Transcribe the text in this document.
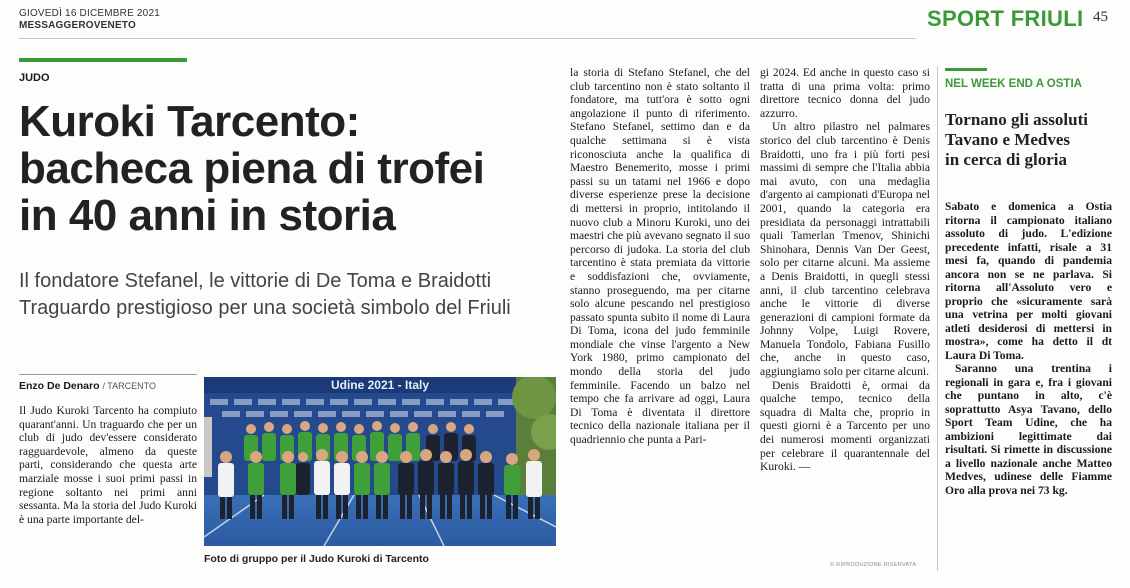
GIOVEDÌ 16 DICEMBRE 2021
MESSAGGEROVENETO	SPORT FRIULI 45
JUDO
Kuroki Tarcento:
bacheca piena di trofei
in 40 anni in storia
Il fondatore Stefanel, le vittorie di De Toma e Braidotti
Traguardo prestigioso per una società simbolo del Friuli
Enzo De Denaro / TARCENTO

Il Judo Kuroki Tarcento ha compiuto quarant'anni. Un traguardo che per un club di judo dev'essere considerato ragguardevole, almeno da queste parti, considerando che questa arte marziale mosse i suoi primi passi in regione soltanto nei primi anni sessanta. Ma la storia del Judo Kuroki è una parte importante del-

Udine 2021 - Italy
Foto di gruppo per il Judo Kuroki di Tarcento

la storia di Stefano Stefanel, che del club tarcentino non è stato soltanto il fondatore, ma tutt'ora è sotto ogni angolazione il punto di riferimento. Stefano Stefanel, settimo dan e da qualche settimana si è vista riconosciuta anche la qualifica di Maestro Benemerito, mosse i primi passi su un tatami nel 1966 e dopo diverse esperienze prese la decisione di mettersi in proprio, intitolando il nuovo club a Minoru Kuroki, uno dei maestri che più avevano segnato il suo percorso di judoka. La storia del club tarcentino è stata premiata da vittorie e soddisfazioni che, ovviamente, stanno proseguendo, ma per citarne solo alcune pescando nel prestigioso passato spunta subito il nome di Laura Di Toma, icona del judo femminile mondiale che vinse l'argento a New York 1980, primo campionato del mondo della storia del judo femminile. Facendo un balzo nel tempo che fa arrivare ad oggi, Laura Di Toma è diventata il direttore tecnico della nazionale italiana per il quadriennio che punta a Pari-

gi 2024. Ed anche in questo caso si tratta di una prima volta: primo direttore tecnico donna del judo azzurro.

Un altro pilastro nel palmares storico del club tarcentino è Denis Braidotti, uno fra i più forti pesi massimi di sempre che l'Italia abbia mai avuto, con una medaglia d'argento ai campionati d'Europa nel 2001, quando la categoria era presidiata da personaggi intrattabili quali Tamerlan Tmenov, Shinichi Shinohara, Dennis Van Der Geest, solo per citarne alcuni. Ma assieme a Denis Braidotti, in quegli stessi anni, il club tarcentino celebrava anche le vittorie di diverse generazioni di campioni formate da Johnny Volpe, Luigi Rovere, Manuela Tondolo, Fabiana Fusillo che, anche in questo caso, aggiungiamo solo per citarne alcuni.

Denis Braidotti è, ormai da qualche tempo, tecnico della squadra di Malta che, proprio in questi giorni è a Tarcento per uno dei numerosi momenti organizzati per celebrare il quarantennale del Kuroki. —

© RIPRODUZIONE RISERVATA
NEL WEEK END A OSTIA
Tornano gli assoluti
Tavano e Medves
in cerca di gloria

Sabato e domenica a Ostia ritorna il campionato italiano assoluto di judo. L'edizione precedente infatti, risale a 31 mesi fa, quando di pandemia ancora non se ne parlava. Si ritorna all'Assoluto vero e proprio che «sicuramente sarà una vetrina per molti giovani atleti desiderosi di mettersi in mostra», come ha detto il dt Laura Di Toma.

Saranno una trentina i regionali in gara e, fra i giovani che puntano in alto, c'è soprattutto Asya Tavano, dello Sport Team Udine, che ha ambizioni legittimate dai risultati. Si rimette in discussione a livello nazionale anche Matteo Medves, udinese delle Fiamme Oro alla prova nei 73 kg.
